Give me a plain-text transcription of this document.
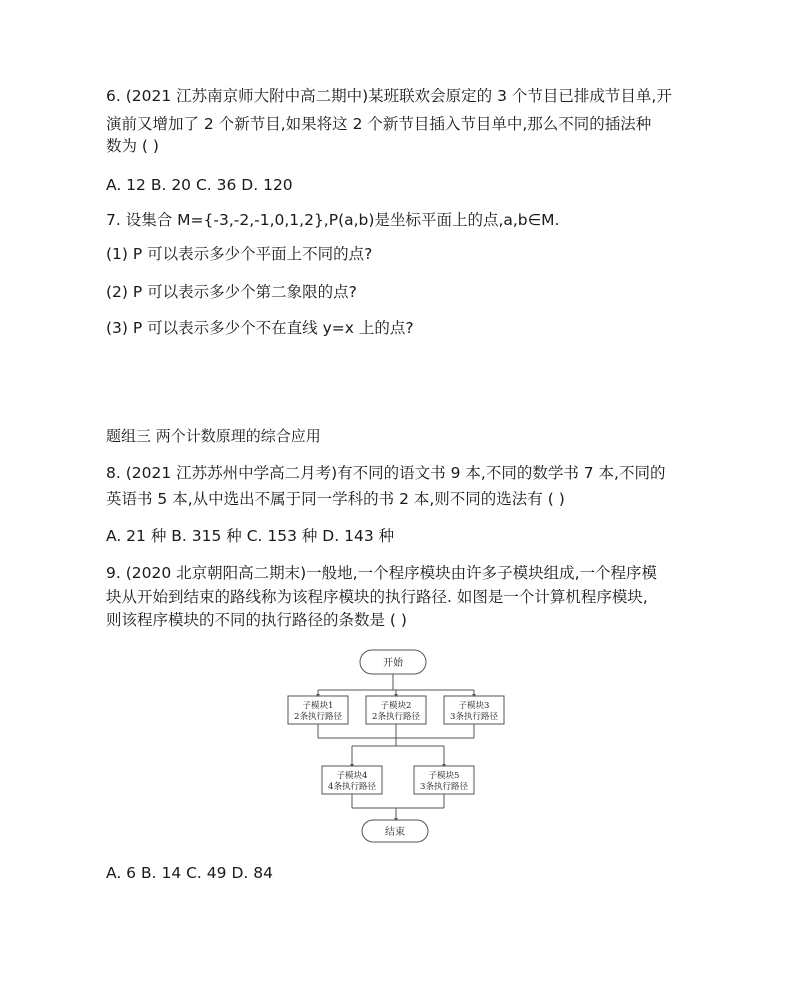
6. (2021 江苏南京师大附中高二期中)某班联欢会原定的 3 个节目已排成节目单,开
演前又增加了 2 个新节目,如果将这 2 个新节目插入节目单中,那么不同的插法种
数为 ( )
A. 12 B. 20 C. 36 D. 120
7. 设集合 M={-3,-2,-1,0,1,2},P(a,b)是坐标平面上的点,a,b∈M.
(1) P 可以表示多少个平面上不同的点?
(2) P 可以表示多少个第二象限的点?
(3) P 可以表示多少个不在直线 y=x 上的点?
题组三 两个计数原理的综合应用
8. (2021 江苏苏州中学高二月考)有不同的语文书 9 本,不同的数学书 7 本,不同的
英语书 5 本,从中选出不属于同一学科的书 2 本,则不同的选法有 ( )
A. 21 种 B. 315 种 C. 153 种 D. 143 种
9. (2020 北京朝阳高二期末)一般地,一个程序模块由许多子模块组成,一个程序模
块从开始到结束的路线称为该程序模块的执行路径. 如图是一个计算机程序模块,
则该程序模块的不同的执行路径的条数是 ( )
开始
子模块1
2条执行路径
子模块2
2条执行路径
子模块3
3条执行路径
子模块4
4条执行路径
子模块5
3条执行路径
结束
A. 6 B. 14 C. 49 D. 84
